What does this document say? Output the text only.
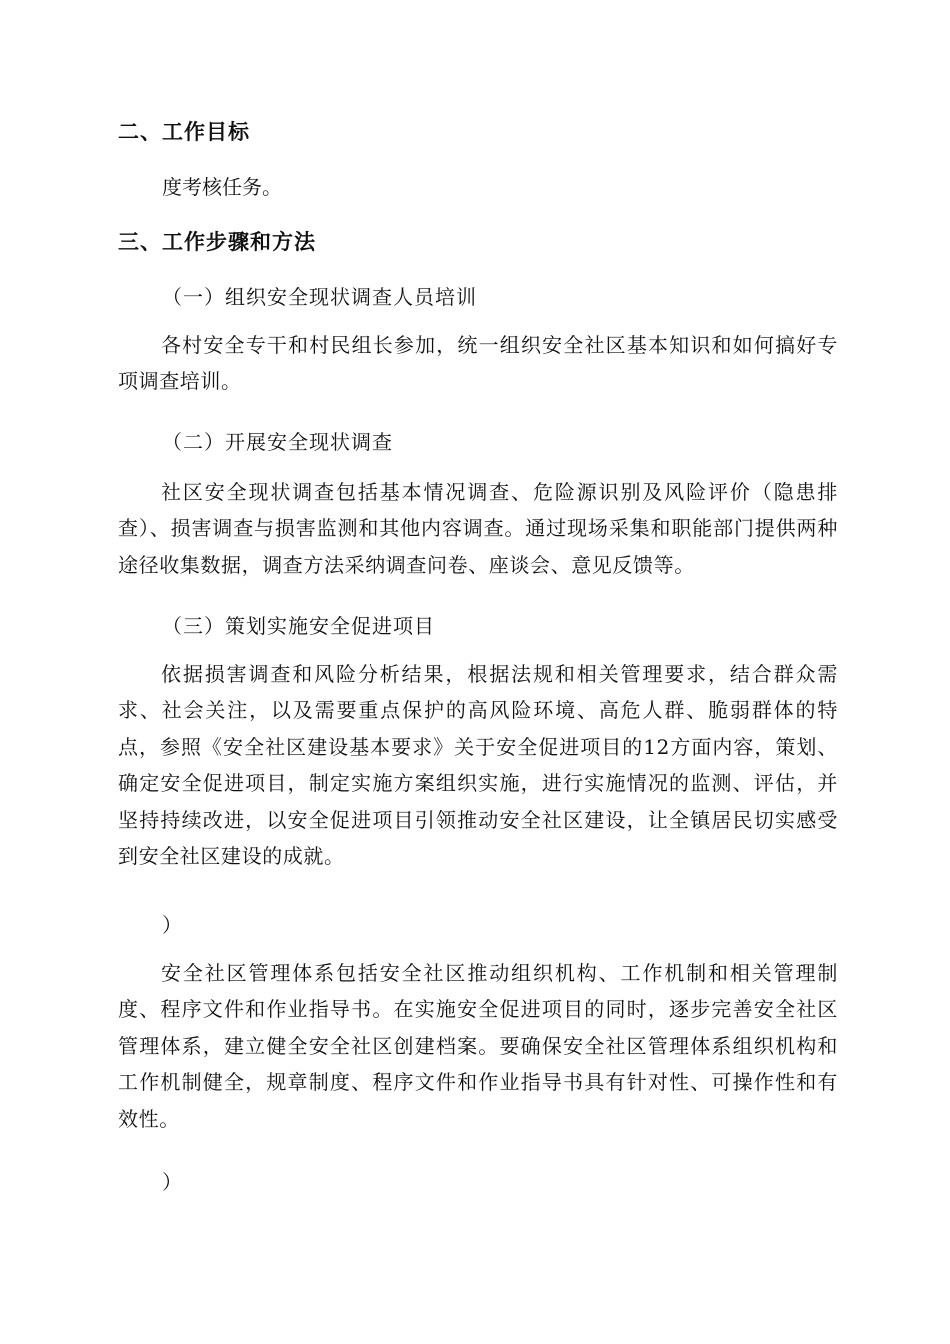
二、工作目标
度考核任务。
三、工作步骤和方法
（一）组织安全现状调查人员培训
各村安全专干和村民组长参加，统一组织安全社区基本知识和如何搞好专项调查培训。
（二）开展安全现状调查
社区安全现状调查包括基本情况调查、危险源识别及风险评价（隐患排查）、损害调查与损害监测和其他内容调查。通过现场采集和职能部门提供两种途径收集数据，调查方法采纳调查问卷、座谈会、意见反馈等。
（三）策划实施安全促进项目
依据损害调查和风险分析结果，根据法规和相关管理要求，结合群众需求、社会关注，以及需要重点保护的高风险环境、高危人群、脆弱群体的特点，参照《安全社区建设基本要求》关于安全促进项目的12方面内容，策划、确定安全促进项目，制定实施方案组织实施，进行实施情况的监测、评估，并坚持持续改进，以安全促进项目引领推动安全社区建设，让全镇居民切实感受到安全社区建设的成就。
）
安全社区管理体系包括安全社区推动组织机构、工作机制和相关管理制度、程序文件和作业指导书。在实施安全促进项目的同时，逐步完善安全社区管理体系，建立健全安全社区创建档案。要确保安全社区管理体系组织机构和工作机制健全，规章制度、程序文件和作业指导书具有针对性、可操作性和有效性。
）
